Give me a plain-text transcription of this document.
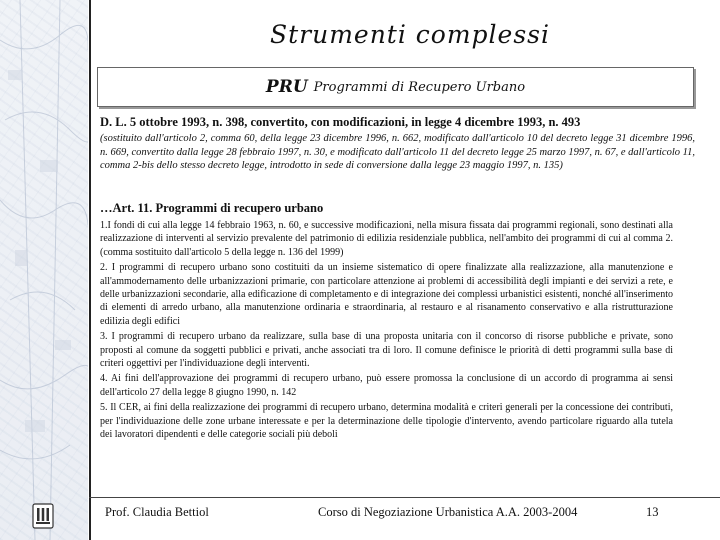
Strumenti complessi
PRU Programmi di Recupero Urbano
D. L. 5 ottobre 1993, n. 398, convertito, con modificazioni, in legge 4 dicembre 1993, n. 493

(sostituito dall'articolo 2, comma 60, della legge 23 dicembre 1996, n. 662, modificato dall'articolo 10 del decreto legge 31 dicembre 1996, n. 669, convertito dalla legge 28 febbraio 1997, n. 30, e modificato dall'articolo 11 del decreto legge 25 marzo 1997, n. 67, e dall'articolo 11, comma 2-bis dello stesso decreto legge, introdotto in sede di conversione dalla legge 23 maggio 1997, n. 135)

…Art. 11. Programmi di recupero urbano

1.I fondi di cui alla legge 14 febbraio 1963, n. 60, e successive modificazioni, nella misura fissata dai programmi regionali, sono destinati alla realizzazione di interventi al servizio prevalente del patrimonio di edilizia residenziale pubblica, nell'ambito dei programmi di cui al comma 2. (comma sostituito dall'articolo 5 della legge n. 136 del 1999)

2. I programmi di recupero urbano sono costituiti da un insieme sistematico di opere finalizzate alla realizzazione, alla manutenzione e all'ammodernamento delle urbanizzazioni primarie, con particolare attenzione ai problemi di accessibilità degli impianti e dei servizi a rete, e delle urbanizzazioni secondarie, alla edificazione di completamento e di integrazione dei complessi urbanistici esistenti, nonché all'inserimento di elementi di arredo urbano, alla manutenzione ordinaria e straordinaria, al restauro e al risanamento conservativo e alla ristrutturazione edilizia degli edifici

3. I programmi di recupero urbano da realizzare, sulla base di una proposta unitaria con il concorso di risorse pubbliche e private, sono proposti al comune da soggetti pubblici e privati, anche associati tra di loro. Il comune definisce le priorità di detti programmi sulla base di criteri oggettivi per l'individuazione degli interventi.

4. Ai fini dell'approvazione dei programmi di recupero urbano, può essere promossa la conclusione di un accordo di programma ai sensi dell'articolo 27 della legge 8 giugno 1990, n. 142

5. Il CER, ai fini della realizzazione dei programmi di recupero urbano, determina modalità e criteri generali per la concessione dei contributi, per l'individuazione delle zone urbane interessate e per la determinazione delle tipologie d'intervento, avendo particolare riguardo alla tutela dei lavoratori dipendenti e delle categorie sociali più deboli

Prof. Claudia Bettiol	Corso di Negoziazione Urbanistica A.A. 2003-2004	13
